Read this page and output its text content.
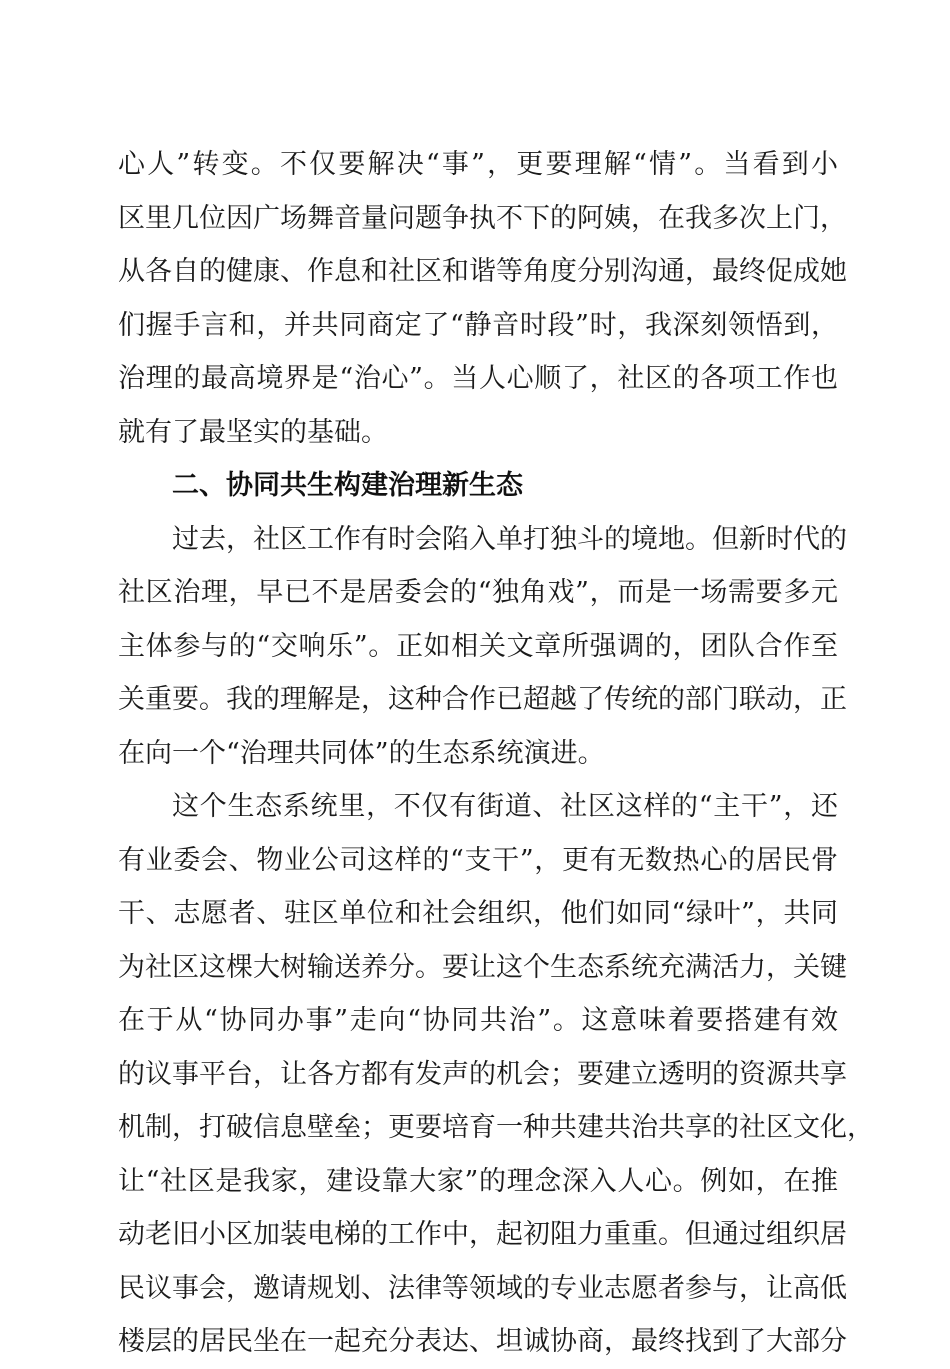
心人”转变。不仅要解决“事”，更要理解“情”。当看到小
区里几位因广场舞音量问题争执不下的阿姨，在我多次上门，
从各自的健康、作息和社区和谐等角度分别沟通，最终促成她
们握手言和，并共同商定了“静音时段”时，我深刻领悟到，
治理的最高境界是“治心”。当人心顺了，社区的各项工作也
就有了最坚实的基础。
二、协同共生构建治理新生态
过去，社区工作有时会陷入单打独斗的境地。但新时代的
社区治理，早已不是居委会的“独角戏”，而是一场需要多元
主体参与的“交响乐”。正如相关文章所强调的，团队合作至
关重要。我的理解是，这种合作已超越了传统的部门联动，正
在向一个“治理共同体”的生态系统演进。
这个生态系统里，不仅有街道、社区这样的“主干”，还
有业委会、物业公司这样的“支干”，更有无数热心的居民骨
干、志愿者、驻区单位和社会组织，他们如同“绿叶”，共同
为社区这棵大树输送养分。要让这个生态系统充满活力，关键
在于从“协同办事”走向“协同共治”。这意味着要搭建有效
的议事平台，让各方都有发声的机会；要建立透明的资源共享
机制，打破信息壁垒；更要培育一种共建共治共享的社区文化，
让“社区是我家，建设靠大家”的理念深入人心。例如，在推
动老旧小区加装电梯的工作中，起初阻力重重。但通过组织居
民议事会，邀请规划、法律等领域的专业志愿者参与，让高低
楼层的居民坐在一起充分表达、坦诚协商，最终找到了大部分
